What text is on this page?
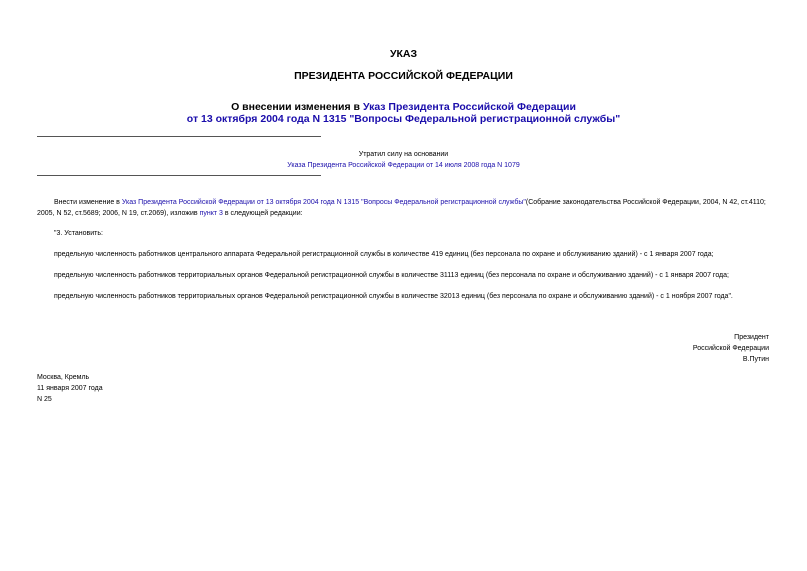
УКАЗ
ПРЕЗИДЕНТА РОССИЙСКОЙ ФЕДЕРАЦИИ
О внесении изменения в Указ Президента Российской Федерации
от 13 октября 2004 года N 1315 "Вопросы Федеральной регистрационной службы"
Утратил силу на основании
Указа Президента Российской Федерации от 14 июля 2008 года N 1079
Внести изменение в Указ Президента Российской Федерации от 13 октября 2004 года N 1315 "Вопросы Федеральной регистрационной службы"(Собрание законодательства Российской Федерации, 2004, N 42, ст.4110; 2005, N 52, ст.5689; 2006, N 19, ст.2069), изложив пункт 3 в следующей редакции:
"3. Установить:
предельную численность работников центрального аппарата Федеральной регистрационной службы в количестве 419 единиц (без персонала по охране и обслуживанию зданий) - с 1 января 2007 года;
предельную численность работников территориальных органов Федеральной регистрационной службы в количестве 31113 единиц (без персонала по охране и обслуживанию зданий) - с 1 января 2007 года;
предельную численность работников территориальных органов Федеральной регистрационной службы в количестве 32013 единиц (без персонала по охране и обслуживанию зданий) - с 1 ноября 2007 года".
Президент
Российской Федерации
В.Путин
Москва, Кремль
11 января 2007 года
N 25
